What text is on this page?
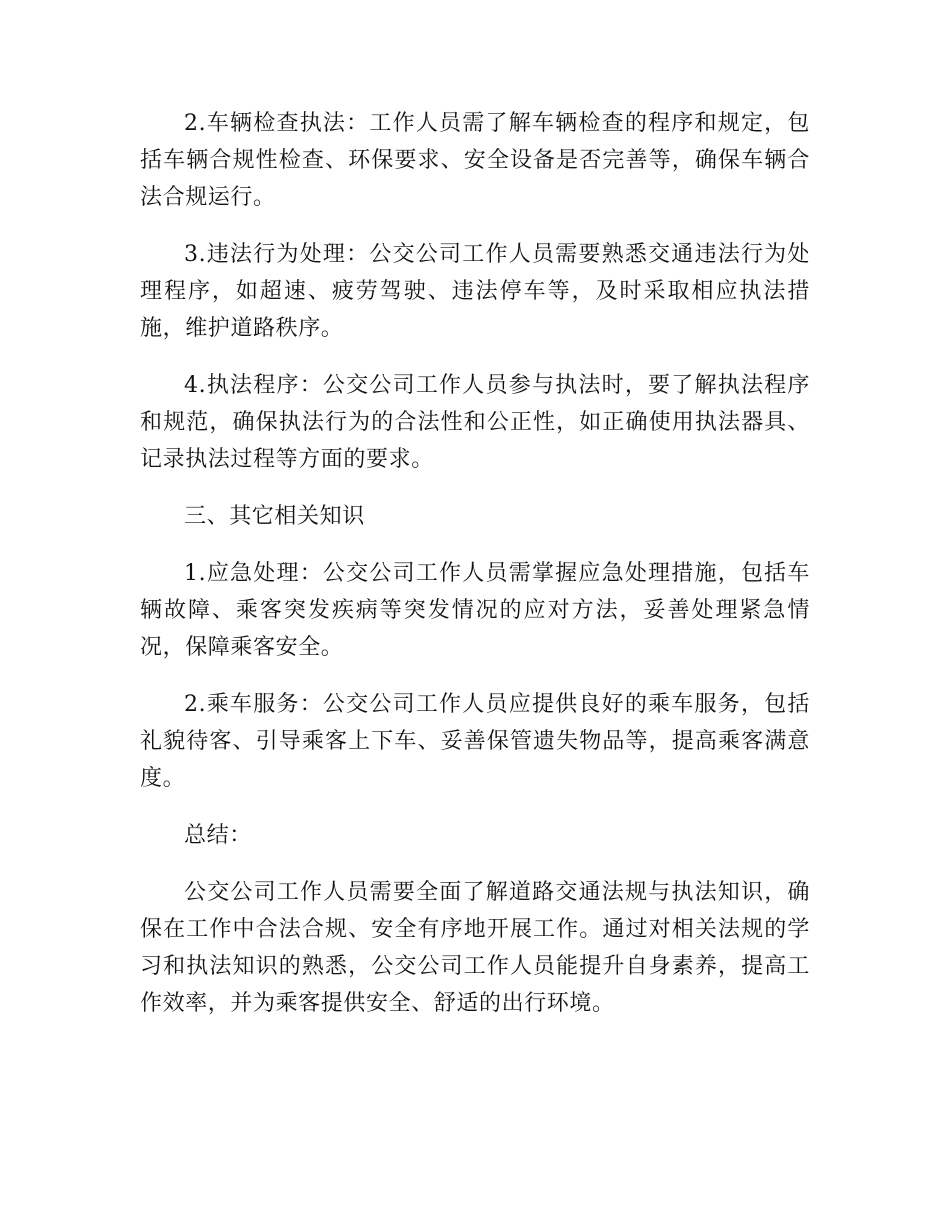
2.车辆检查执法：工作人员需了解车辆检查的程序和规定，包括车辆合规性检查、环保要求、安全设备是否完善等，确保车辆合法合规运行。

3.违法行为处理：公交公司工作人员需要熟悉交通违法行为处理程序，如超速、疲劳驾驶、违法停车等，及时采取相应执法措施，维护道路秩序。

4.执法程序：公交公司工作人员参与执法时，要了解执法程序和规范，确保执法行为的合法性和公正性，如正确使用执法器具、记录执法过程等方面的要求。

三、其它相关知识

1.应急处理：公交公司工作人员需掌握应急处理措施，包括车辆故障、乘客突发疾病等突发情况的应对方法，妥善处理紧急情况，保障乘客安全。

2.乘车服务：公交公司工作人员应提供良好的乘车服务，包括礼貌待客、引导乘客上下车、妥善保管遗失物品等，提高乘客满意度。

总结：

公交公司工作人员需要全面了解道路交通法规与执法知识，确保在工作中合法合规、安全有序地开展工作。通过对相关法规的学习和执法知识的熟悉，公交公司工作人员能提升自身素养，提高工作效率，并为乘客提供安全、舒适的出行环境。
